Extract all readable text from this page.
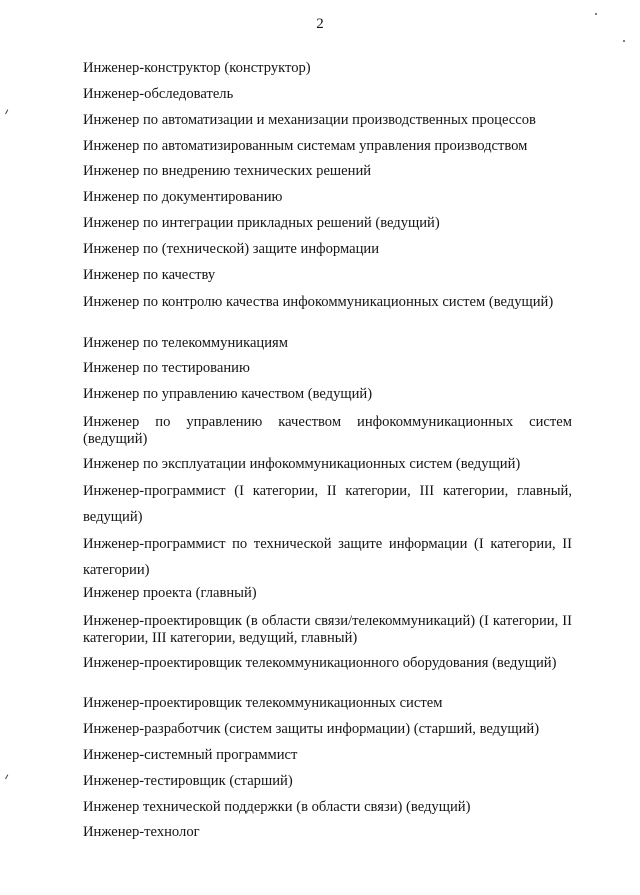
2
Инженер-конструктор (конструктор)
Инженер-обследователь
Инженер по автоматизации и механизации производственных процессов
Инженер по автоматизированным системам управления производством
Инженер по внедрению технических решений
Инженер по документированию
Инженер по интеграции прикладных решений (ведущий)
Инженер по (технической) защите информации
Инженер по качеству
Инженер по контролю качества инфокоммуникационных систем (ведущий)
Инженер по телекоммуникациям
Инженер по тестированию
Инженер по управлению качеством (ведущий)
Инженер по управлению качеством инфокоммуникационных систем (ведущий)
Инженер по эксплуатации инфокоммуникационных систем (ведущий)
Инженер-программист (I категории, II категории, III категории, главный, ведущий)
Инженер-программист по технической защите информации (I категории, II категории)
Инженер проекта (главный)
Инженер-проектировщик (в области связи/телекоммуникаций) (I категории, II категории, III категории, ведущий, главный)
Инженер-проектировщик телекоммуникационного оборудования (ведущий)
Инженер-проектировщик телекоммуникационных систем
Инженер-разработчик (систем защиты информации) (старший, ведущий)
Инженер-системный программист
Инженер-тестировщик (старший)
Инженер технической поддержки (в области связи) (ведущий)
Инженер-технолог
